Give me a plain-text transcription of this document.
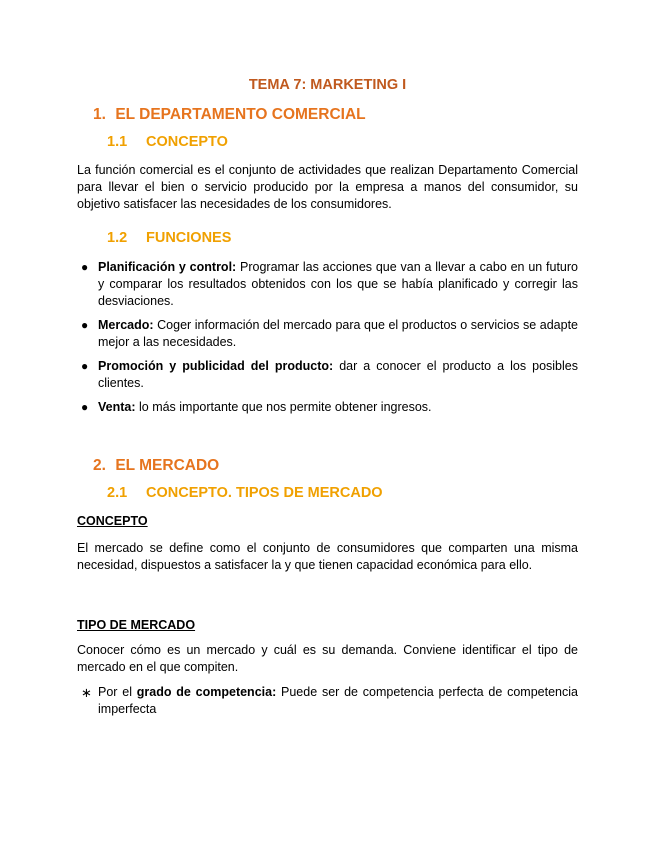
TEMA 7: MARKETING I
1. EL DEPARTAMENTO COMERCIAL
1.1 CONCEPTO

La función comercial es el conjunto de actividades que realizan Departamento Comercial para llevar el bien o servicio producido por la empresa a manos del consumidor, su objetivo satisfacer las necesidades de los consumidores.

1.2 FUNCIONES
● Planificación y control: Programar las acciones que van a llevar a cabo en un futuro y comparar los resultados obtenidos con los que se había planificado y corregir las desviaciones.
● Mercado: Coger información del mercado para que el productos o servicios se adapte mejor a las necesidades.
● Promoción y publicidad del producto: dar a conocer el producto a los posibles clientes.
● Venta: lo más importante que nos permite obtener ingresos.
2. EL MERCADO
2.1 CONCEPTO. TIPOS DE MERCADO

CONCEPTO

El mercado se define como el conjunto de consumidores que comparten una misma necesidad, dispuestos a satisfacer la y que tienen capacidad económica para ello.

TIPO DE MERCADO

Conocer cómo es un mercado y cuál es su demanda. Conviene identificar el tipo de mercado en el que compiten.

∗ Por el grado de competencia: Puede ser de competencia perfecta de competencia imperfecta
